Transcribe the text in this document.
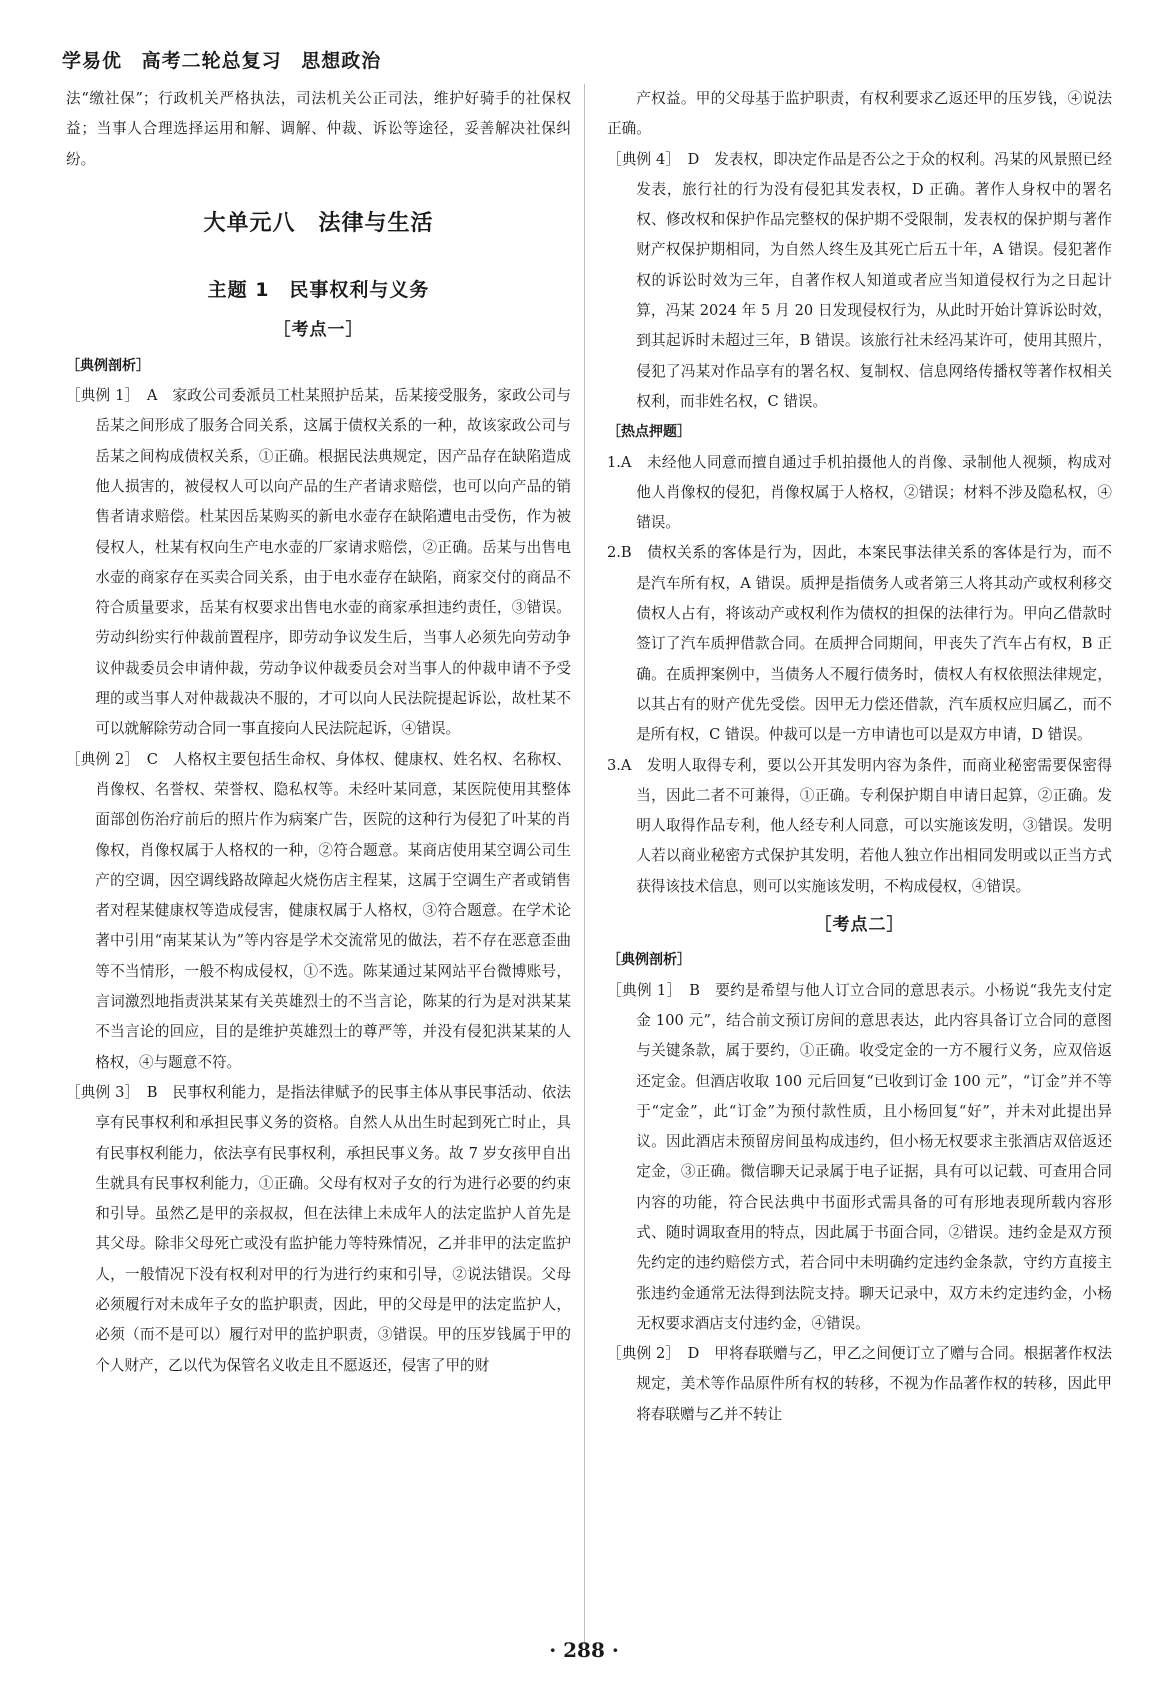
学易优 高考二轮总复习 思想政治

法“缴社保”；行政机关严格执法，司法机关公正司法，维护好骑手的社保权益；当事人合理选择运用和解、调解、仲裁、诉讼等途径，妥善解决社保纠纷。

大单元八　法律与生活
主题 1　民事权利与义务
［考点一］
［典例剖析］

［典例 1］　A　家政公司委派员工杜某照护岳某，岳某接受服务，家政公司与岳某之间形成了服务合同关系，这属于债权关系的一种，故该家政公司与岳某之间构成债权关系，①正确。根据民法典规定，因产品存在缺陷造成他人损害的，被侵权人可以向产品的生产者请求赔偿，也可以向产品的销售者请求赔偿。杜某因岳某购买的新电水壶存在缺陷遭电击受伤，作为被侵权人，杜某有权向生产电水壶的厂家请求赔偿，②正确。岳某与出售电水壶的商家存在买卖合同关系，由于电水壶存在缺陷，商家交付的商品不符合质量要求，岳某有权要求出售电水壶的商家承担违约责任，③错误。劳动纠纷实行仲裁前置程序，即劳动争议发生后，当事人必须先向劳动争议仲裁委员会申请仲裁，劳动争议仲裁委员会对当事人的仲裁申请不予受理的或当事人对仲裁裁决不服的，才可以向人民法院提起诉讼，故杜某不可以就解除劳动合同一事直接向人民法院起诉，④错误。

［典例 2］　C　人格权主要包括生命权、身体权、健康权、姓名权、名称权、肖像权、名誉权、荣誉权、隐私权等。未经叶某同意，某医院使用其整体面部创伤治疗前后的照片作为病案广告，医院的这种行为侵犯了叶某的肖像权，肖像权属于人格权的一种，②符合题意。某商店使用某空调公司生产的空调，因空调线路故障起火烧伤店主程某，这属于空调生产者或销售者对程某健康权等造成侵害，健康权属于人格权，③符合题意。在学术论著中引用“南某某认为”等内容是学术交流常见的做法，若不存在恶意歪曲等不当情形，一般不构成侵权，①不选。陈某通过某网站平台微博账号，言词激烈地指责洪某某有关英雄烈士的不当言论，陈某的行为是对洪某某不当言论的回应，目的是维护英雄烈士的尊严等，并没有侵犯洪某某的人格权，④与题意不符。

［典例 3］　B　民事权利能力，是指法律赋予的民事主体从事民事活动、依法享有民事权利和承担民事义务的资格。自然人从出生时起到死亡时止，具有民事权利能力，依法享有民事权利，承担民事义务。故 7 岁女孩甲自出生就具有民事权利能力，①正确。父母有权对子女的行为进行必要的约束和引导。虽然乙是甲的亲叔叔，但在法律上未成年人的法定监护人首先是其父母。除非父母死亡或没有监护能力等特殊情况，乙并非甲的法定监护人，一般情况下没有权利对甲的行为进行约束和引导，②说法错误。父母必须履行对未成年子女的监护职责，因此，甲的父母是甲的法定监护人，必须（而不是可以）履行对甲的监护职责，③错误。甲的压岁钱属于甲的个人财产，乙以代为保管名义收走且不愿返还，侵害了甲的财

产权益。甲的父母基于监护职责，有权利要求乙返还甲的压岁钱，④说法正确。

［典例 4］　D　发表权，即决定作品是否公之于众的权利。冯某的风景照已经发表，旅行社的行为没有侵犯其发表权，D 正确。著作人身权中的署名权、修改权和保护作品完整权的保护期不受限制，发表权的保护期与著作财产权保护期相同，为自然人终生及其死亡后五十年，A 错误。侵犯著作权的诉讼时效为三年，自著作权人知道或者应当知道侵权行为之日起计算，冯某 2024 年 5 月 20 日发现侵权行为，从此时开始计算诉讼时效，到其起诉时未超过三年，B 错误。该旅行社未经冯某许可，使用其照片，侵犯了冯某对作品享有的署名权、复制权、信息网络传播权等著作权相关权利，而非姓名权，C 错误。

［热点押题］

1.A　未经他人同意而擅自通过手机拍摄他人的肖像、录制他人视频，构成对他人肖像权的侵犯，肖像权属于人格权，②错误；材料不涉及隐私权，④错误。

2.B　债权关系的客体是行为，因此，本案民事法律关系的客体是行为，而不是汽车所有权，A 错误。质押是指债务人或者第三人将其动产或权利移交债权人占有，将该动产或权利作为债权的担保的法律行为。甲向乙借款时签订了汽车质押借款合同。在质押合同期间，甲丧失了汽车占有权，B 正确。在质押案例中，当债务人不履行债务时，债权人有权依照法律规定，以其占有的财产优先受偿。因甲无力偿还借款，汽车质权应归属乙，而不是所有权，C 错误。仲裁可以是一方申请也可以是双方申请，D 错误。

3.A　发明人取得专利，要以公开其发明内容为条件，而商业秘密需要保密得当，因此二者不可兼得，①正确。专利保护期自申请日起算，②正确。发明人取得作品专利，他人经专利人同意，可以实施该发明，③错误。发明人若以商业秘密方式保护其发明，若他人独立作出相同发明或以正当方式获得该技术信息，则可以实施该发明，不构成侵权，④错误。

［考点二］
［典例剖析］

［典例 1］　B　要约是希望与他人订立合同的意思表示。小杨说“我先支付定金 100 元”，结合前文预订房间的意思表达，此内容具备订立合同的意图与关键条款，属于要约，①正确。收受定金的一方不履行义务，应双倍返还定金。但酒店收取 100 元后回复“已收到订金 100 元”，“订金”并不等于“定金”，此“订金”为预付款性质，且小杨回复“好”，并未对此提出异议。因此酒店未预留房间虽构成违约，但小杨无权要求主张酒店双倍返还定金，③正确。微信聊天记录属于电子证据，具有可以记载、可查用合同内容的功能，符合民法典中书面形式需具备的可有形地表现所载内容形式、随时调取查用的特点，因此属于书面合同，②错误。违约金是双方预先约定的违约赔偿方式，若合同中未明确约定违约金条款，守约方直接主张违约金通常无法得到法院支持。聊天记录中，双方未约定违约金，小杨无权要求酒店支付违约金，④错误。

［典例 2］　D　甲将春联赠与乙，甲乙之间便订立了赠与合同。根据著作权法规定，美术等作品原件所有权的转移，不视为作品著作权的转移，因此甲将春联赠与乙并不转让

· 288 ·
